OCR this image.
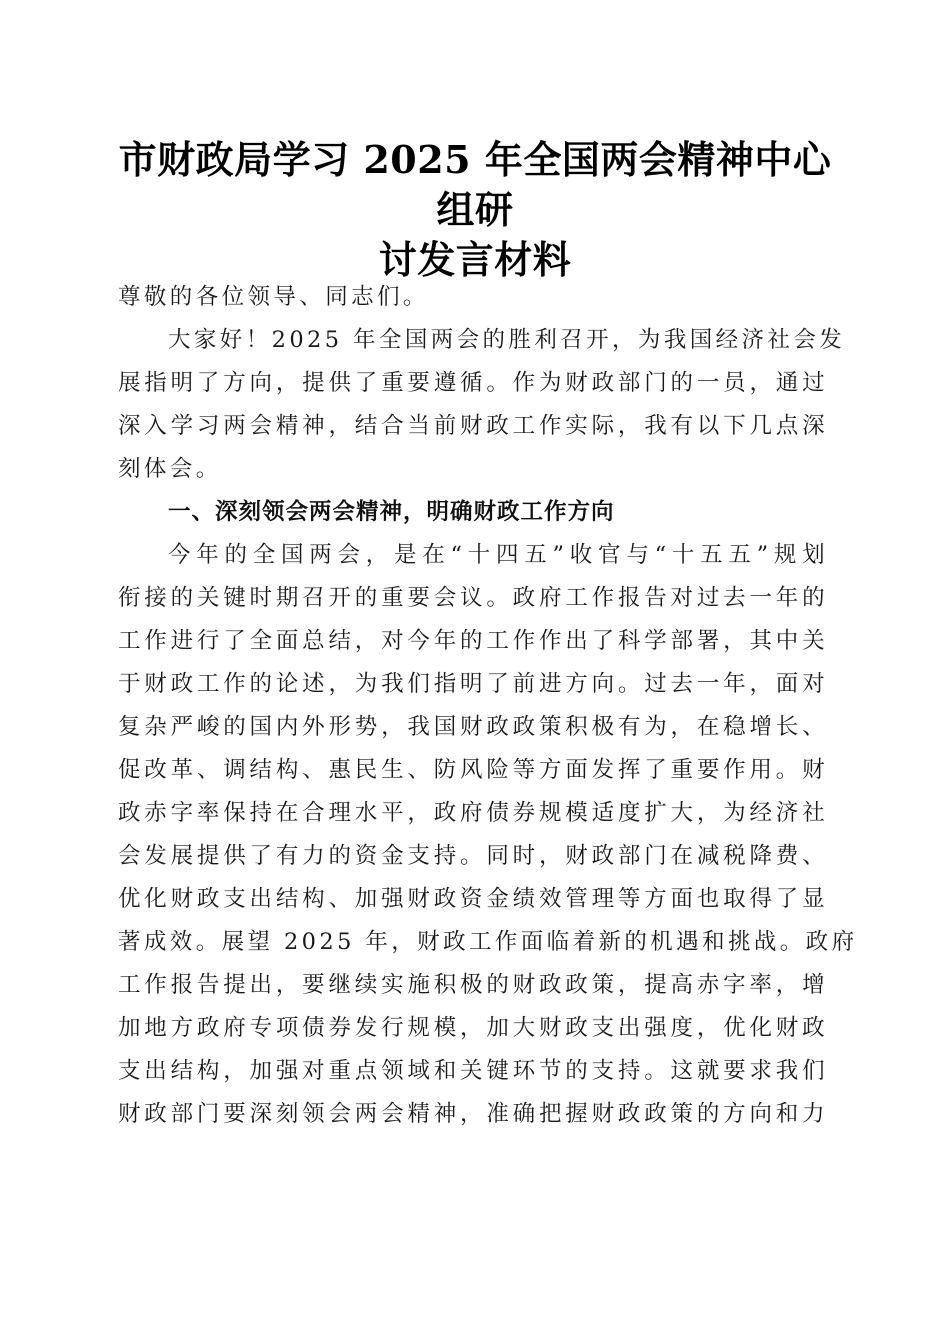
市财政局学习 2025 年全国两会精神中心组研
讨发言材料
尊敬的各位领导、同志们。
大家好！2025 年全国两会的胜利召开，为我国经济社会发
展指明了方向，提供了重要遵循。作为财政部门的一员，通过
深入学习两会精神，结合当前财政工作实际，我有以下几点深
刻体会。
一、深刻领会两会精神，明确财政工作方向
今年的全国两会，是在“十四五”收官与“十五五”规划
衔接的关键时期召开的重要会议。政府工作报告对过去一年的
工作进行了全面总结，对今年的工作作出了科学部署，其中关
于财政工作的论述，为我们指明了前进方向。过去一年，面对
复杂严峻的国内外形势，我国财政政策积极有为，在稳增长、
促改革、调结构、惠民生、防风险等方面发挥了重要作用。财
政赤字率保持在合理水平，政府债券规模适度扩大，为经济社
会发展提供了有力的资金支持。同时，财政部门在减税降费、
优化财政支出结构、加强财政资金绩效管理等方面也取得了显
著成效。展望 2025 年，财政工作面临着新的机遇和挑战。政府
工作报告提出，要继续实施积极的财政政策，提高赤字率，增
加地方政府专项债券发行规模，加大财政支出强度，优化财政
支出结构，加强对重点领域和关键环节的支持。这就要求我们
财政部门要深刻领会两会精神，准确把握财政政策的方向和力
